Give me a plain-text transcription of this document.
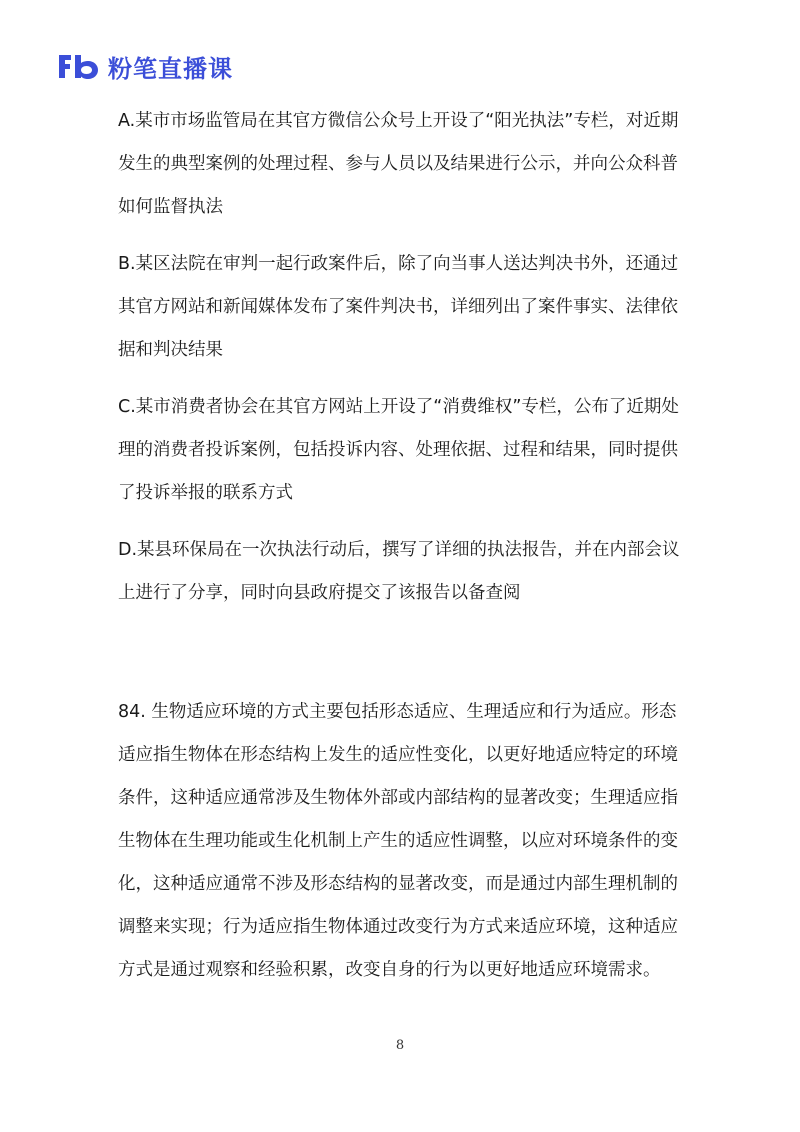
粉笔直播课

A.某市市场监管局在其官方微信公众号上开设了“阳光执法”专栏，对近期发生的典型案例的处理过程、参与人员以及结果进行公示，并向公众科普如何监督执法

B.某区法院在审判一起行政案件后，除了向当事人送达判决书外，还通过其官方网站和新闻媒体发布了案件判决书，详细列出了案件事实、法律依据和判决结果

C.某市消费者协会在其官方网站上开设了“消费维权”专栏，公布了近期处理的消费者投诉案例，包括投诉内容、处理依据、过程和结果，同时提供了投诉举报的联系方式

D.某县环保局在一次执法行动后，撰写了详细的执法报告，并在内部会议上进行了分享，同时向县政府提交了该报告以备查阅

84. 生物适应环境的方式主要包括形态适应、生理适应和行为适应。形态适应指生物体在形态结构上发生的适应性变化，以更好地适应特定的环境条件，这种适应通常涉及生物体外部或内部结构的显著改变；生理适应指生物体在生理功能或生化机制上产生的适应性调整，以应对环境条件的变化，这种适应通常不涉及形态结构的显著改变，而是通过内部生理机制的调整来实现；行为适应指生物体通过改变行为方式来适应环境，这种适应方式是通过观察和经验积累，改变自身的行为以更好地适应环境需求。

8
